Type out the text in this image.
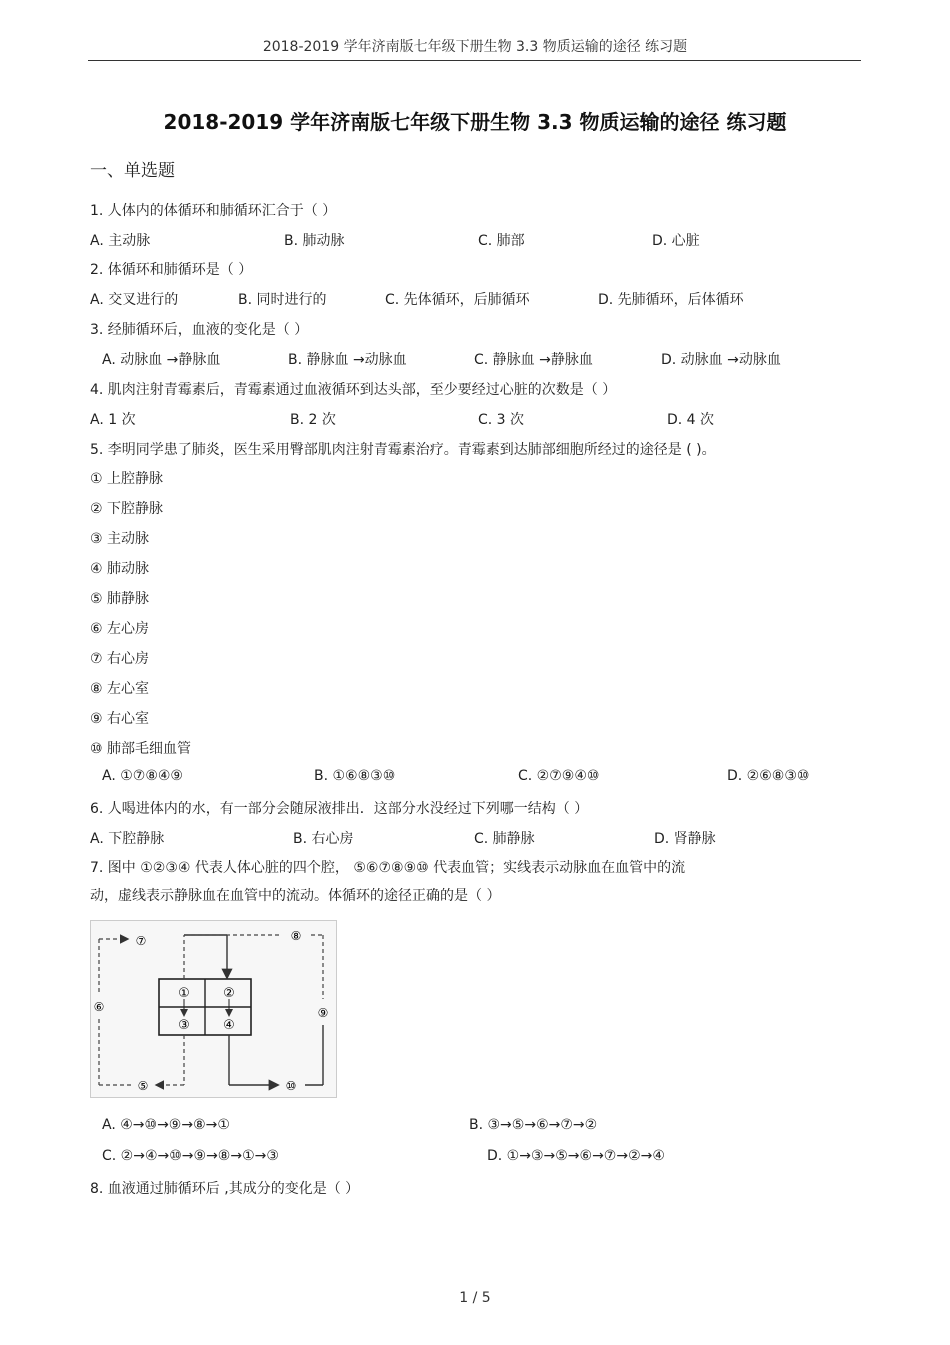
2018-2019 学年济南版七年级下册生物 3.3 物质运输的途径 练习题
2018-2019 学年济南版七年级下册生物 3.3 物质运输的途径 练习题
一、单选题
1. 人体内的体循环和肺循环汇合于（ ）
A. 主动脉	B. 肺动脉	C. 肺部	D. 心脏
2. 体循环和肺循环是（ ）
A. 交叉进行的	B. 同时进行的	C. 先体循环，后肺循环	D. 先肺循环，后体循环
3. 经肺循环后，血液的变化是（ ）
A. 动脉血 →静脉血	B. 静脉血 →动脉血	C. 静脉血 →静脉血	D. 动脉血 →动脉血
4. 肌肉注射青霉素后，青霉素通过血液循环到达头部，至少要经过心脏的次数是（ ）
A. 1 次	B. 2 次	C. 3 次	D. 4 次
5. 李明同学患了肺炎，医生采用臀部肌肉注射青霉素治疗。青霉素到达肺部细胞所经过的途径是 ( )。
① 上腔静脉
② 下腔静脉
③ 主动脉
④ 肺动脉
⑤ 肺静脉
⑥ 左心房
⑦ 右心房
⑧ 左心室
⑨ 右心室
⑩ 肺部毛细血管
A. ①⑦⑧④⑨	B. ①⑥⑧③⑩	C. ②⑦⑨④⑩	D. ②⑥⑧③⑩
6. 人喝进体内的水，有一部分会随尿液排出．这部分水没经过下列哪一结构（ ）
A. 下腔静脉	B. 右心房	C. 肺静脉	D. 肾静脉
7. 图中 ①②③④ 代表人体心脏的四个腔， ⑤⑥⑦⑧⑨⑩ 代表血管；实线表示动脉血在血管中的流
动，虚线表示静脉血在血管中的流动。体循环的途径正确的是（ ）
①	②
③	④
⑧
⑨
⑩
⑦
⑥
⑤
A. ④→⑩→⑨→⑧→①	B. ③→⑤→⑥→⑦→②
C. ②→④→⑩→⑨→⑧→①→③	D. ①→③→⑤→⑥→⑦→②→④
8. 血液通过肺循环后 ,其成分的变化是（ ）
1 / 5
